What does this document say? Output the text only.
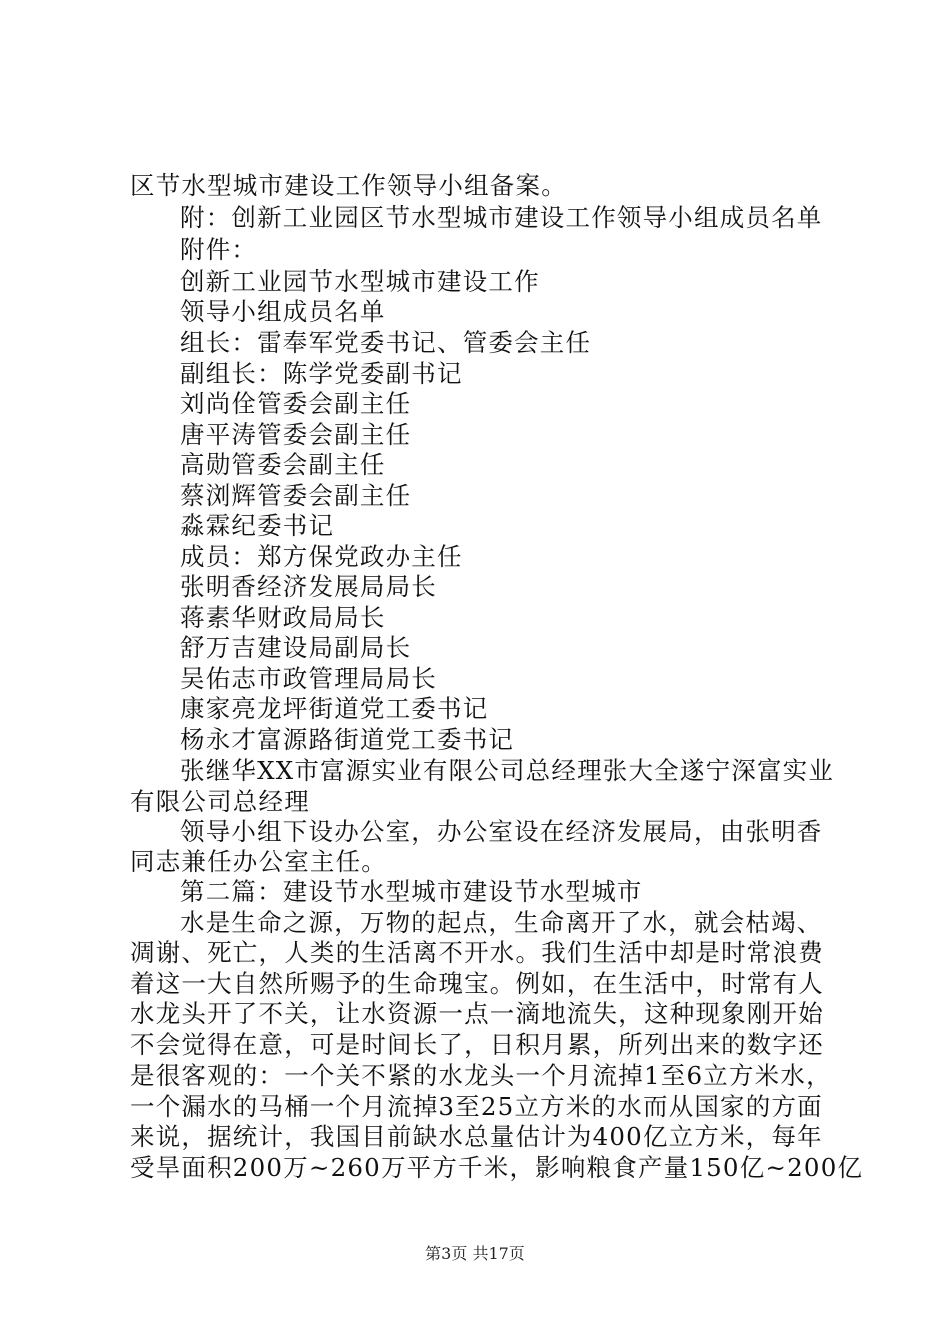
区节水型城市建设工作领导小组备案。
附：创新工业园区节水型城市建设工作领导小组成员名单
附件：
创新工业园节水型城市建设工作
领导小组成员名单
组长：雷奉军党委书记、管委会主任
副组长：陈学党委副书记
刘尚佺管委会副主任
唐平涛管委会副主任
高勋管委会副主任
蔡浏辉管委会副主任
淼霖纪委书记
成员：郑方保党政办主任
张明香经济发展局局长
蒋素华财政局局长
舒万吉建设局副局长
吴佑志市政管理局局长
康家亮龙坪街道党工委书记
杨永才富源路街道党工委书记
张继华XX市富源实业有限公司总经理张大全遂宁深富实业
有限公司总经理
领导小组下设办公室，办公室设在经济发展局，由张明香
同志兼任办公室主任。
第二篇：建设节水型城市建设节水型城市
水是生命之源，万物的起点，生命离开了水，就会枯竭、
凋谢、死亡，人类的生活离不开水。我们生活中却是时常浪费
着这一大自然所赐予的生命瑰宝。例如，在生活中，时常有人
水龙头开了不关，让水资源一点一滴地流失，这种现象刚开始
不会觉得在意，可是时间长了，日积月累，所列出来的数字还
是很客观的：一个关不紧的水龙头一个月流掉1至6立方米水，
一个漏水的马桶一个月流掉3至25立方米的水而从国家的方面
来说，据统计，我国目前缺水总量估计为400亿立方米，每年
受旱面积200万~260万平方千米，影响粮食产量150亿~200亿
第3页 共17页
